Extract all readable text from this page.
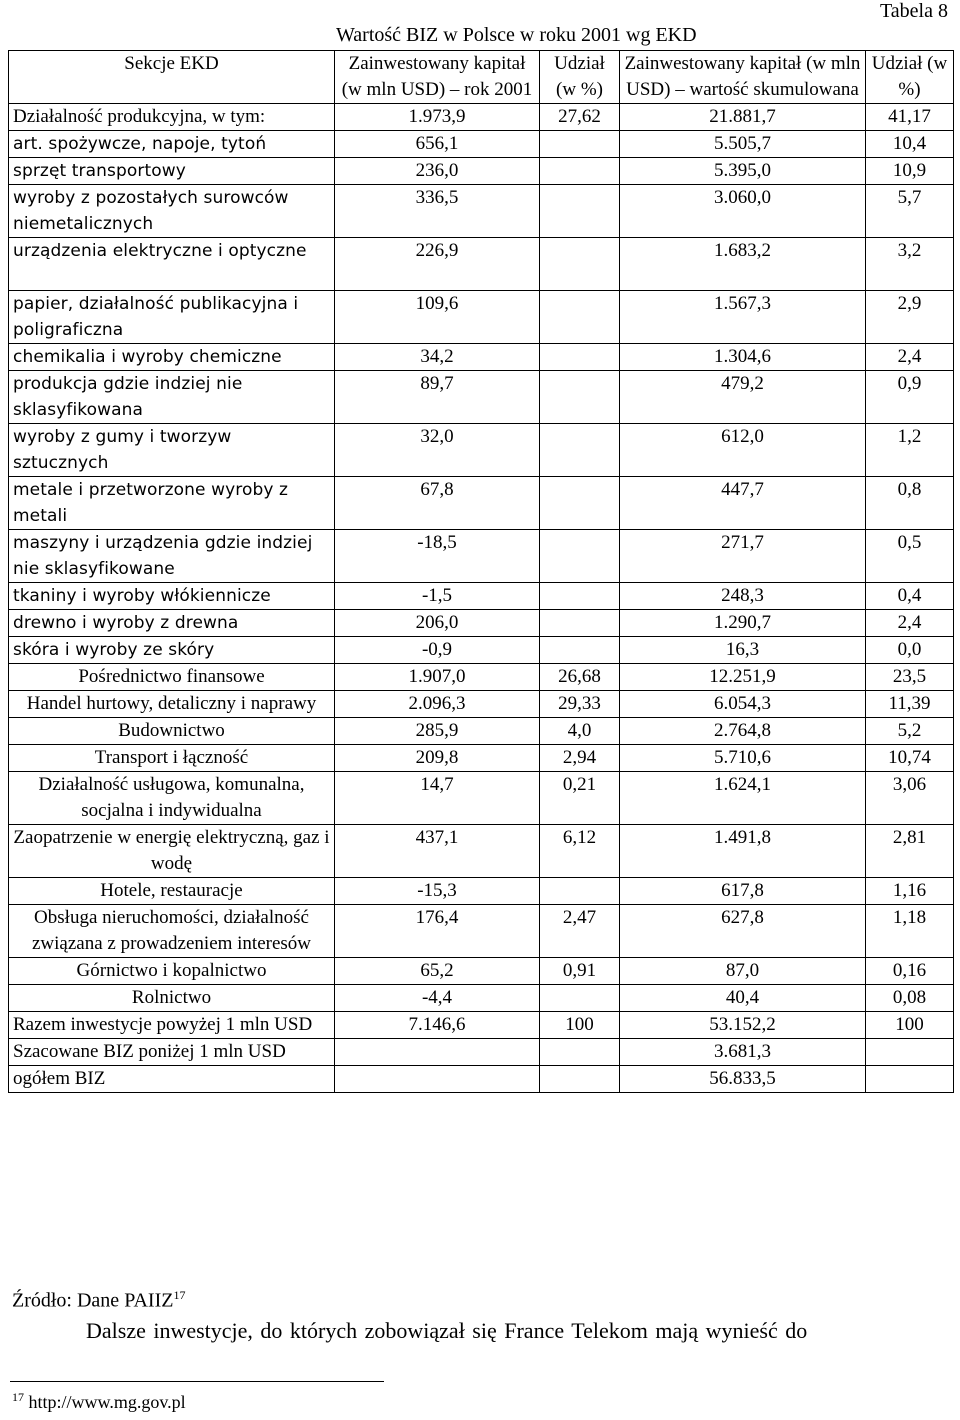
Tabela 8
Wartość BIZ w Polsce w roku 2001 wg EKD
Sekcje EKD	Zainwestowany kapitał (w mln USD) – rok 2001	Udział (w %)	Zainwestowany kapitał (w mln USD) – wartość skumulowana	Udział (w %)
Działalność produkcyjna, w tym:	1.973,9	27,62	21.881,7	41,17
art. spożywcze, napoje, tytoń	656,1		5.505,7	10,4
sprzęt transportowy	236,0		5.395,0	10,9
wyroby z pozostałych surowców niemetalicznych	336,5		3.060,0	5,7
urządzenia elektryczne i optyczne	226,9		1.683,2	3,2
papier, działalność publikacyjna i poligraficzna	109,6		1.567,3	2,9
chemikalia i wyroby chemiczne	34,2		1.304,6	2,4
produkcja gdzie indziej nie sklasyfikowana	89,7		479,2	0,9
wyroby z gumy i tworzyw sztucznych	32,0		612,0	1,2
metale i przetworzone wyroby z metali	67,8		447,7	0,8
maszyny i urządzenia gdzie indziej nie sklasyfikowane	-18,5		271,7	0,5
tkaniny i wyroby włókiennicze	-1,5		248,3	0,4
drewno i wyroby z drewna	206,0		1.290,7	2,4
skóra i wyroby ze skóry	-0,9		16,3	0,0
Pośrednictwo finansowe	1.907,0	26,68	12.251,9	23,5
Handel hurtowy, detaliczny i naprawy	2.096,3	29,33	6.054,3	11,39
Budownictwo	285,9	4,0	2.764,8	5,2
Transport i łączność	209,8	2,94	5.710,6	10,74
Działalność usługowa, komunalna, socjalna i indywidualna	14,7	0,21	1.624,1	3,06
Zaopatrzenie w energię elektryczną, gaz i wodę	437,1	6,12	1.491,8	2,81
Hotele, restauracje	-15,3		617,8	1,16
Obsługa nieruchomości, działalność związana z prowadzeniem interesów	176,4	2,47	627,8	1,18
Górnictwo i kopalnictwo	65,2	0,91	87,0	0,16
Rolnictwo	-4,4		40,4	0,08
Razem inwestycje powyżej 1 mln USD	7.146,6	100	53.152,2	100
Szacowane BIZ poniżej 1 mln USD			3.681,3	
ogółem BIZ			56.833,5	
Źródło: Dane PAIIZ$^{17}$
Dalsze inwestycje, do których zobowiązał się France Telekom mają wynieść do
$^{17}$ http://www.mg.gov.pl
